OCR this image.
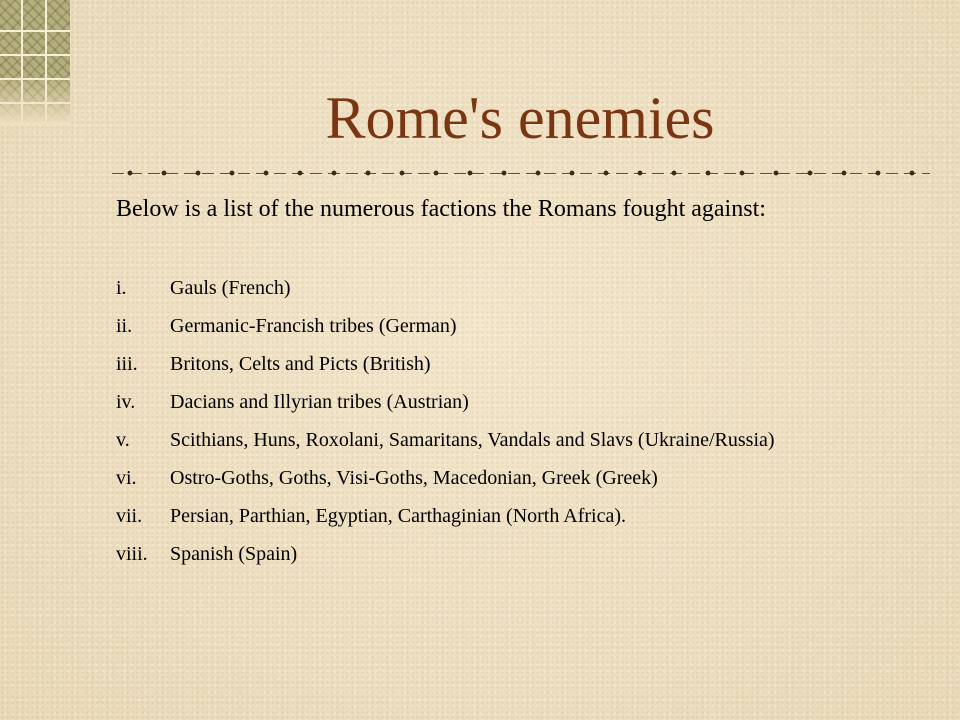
Rome's enemies
Below is a list of the numerous factions the Romans fought against:
i.	Gauls (French)
ii.	Germanic-Francish tribes (German)
iii.	Britons, Celts and Picts (British)
iv.	Dacians and Illyrian tribes (Austrian)
v.	Scithians, Huns, Roxolani, Samaritans, Vandals and Slavs (Ukraine/Russia)
vi.	Ostro-Goths, Goths, Visi-Goths, Macedonian, Greek (Greek)
vii.	Persian, Parthian, Egyptian, Carthaginian (North Africa).
viii.	Spanish (Spain)
